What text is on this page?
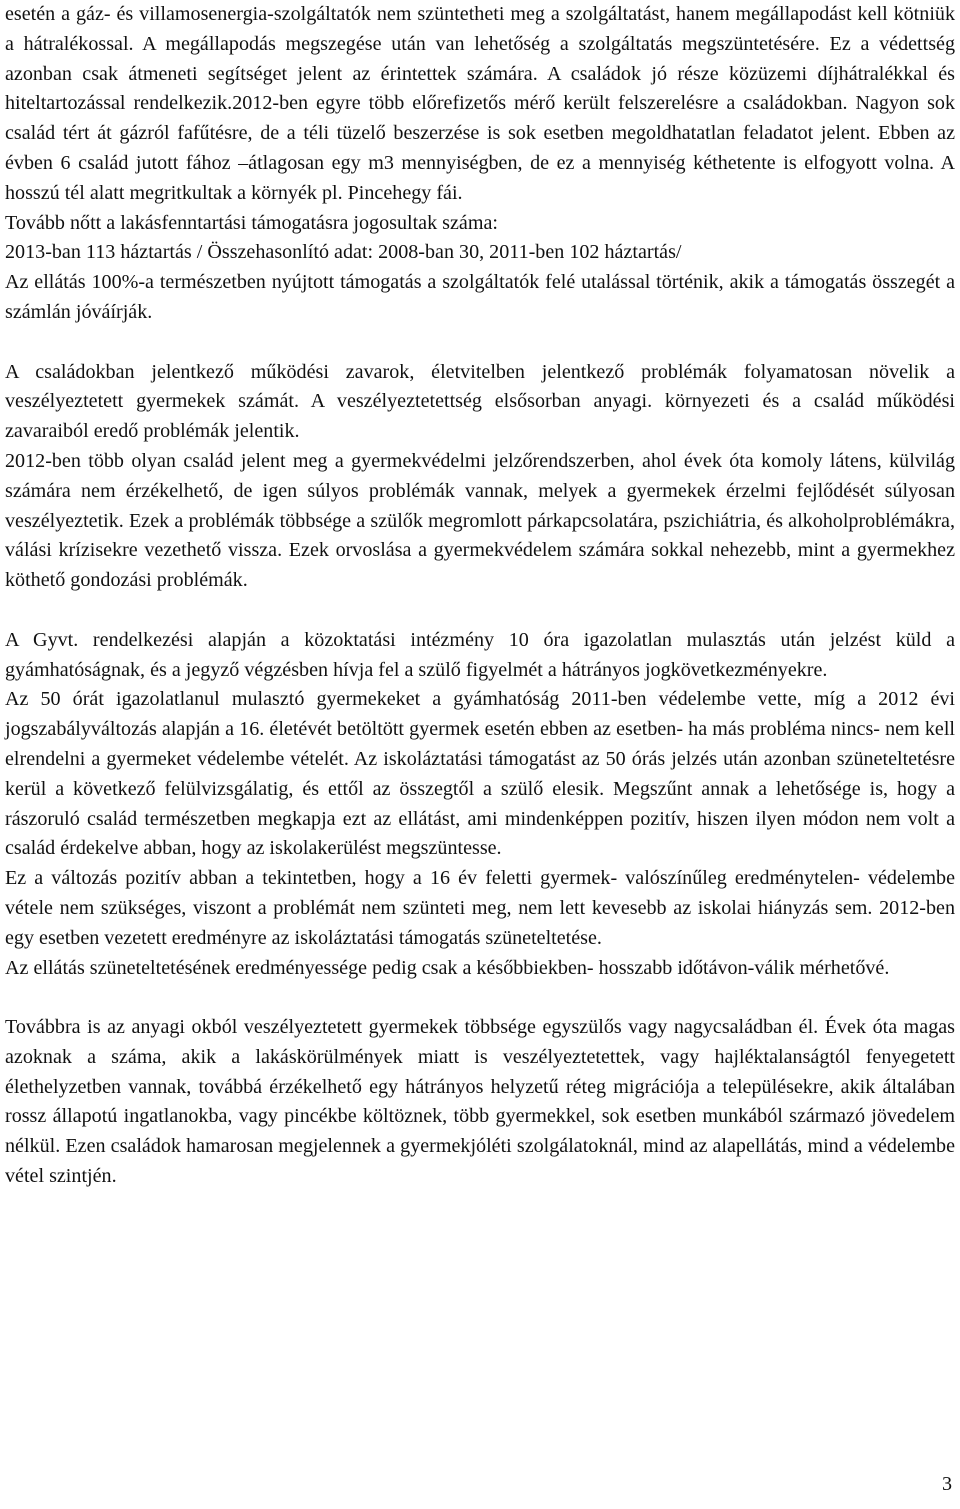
esetén a gáz- és villamosenergia-szolgáltatók nem szüntetheti meg a szolgáltatást, hanem megállapodást kell kötniük a hátralékossal. A megállapodás megszegése után van lehetőség a szolgáltatás megszüntetésére. Ez a védettség azonban csak átmeneti segítséget jelent az érintettek számára. A családok jó része közüzemi díjhátralékkal és hiteltartozással rendelkezik.2012-ben egyre több előrefizetős mérő került felszerelésre a családokban. Nagyon sok család tért át gázról fafűtésre, de a téli tüzelő beszerzése is sok esetben megoldhatatlan feladatot jelent. Ebben az évben 6 család jutott fához –átlagosan egy m3 mennyiségben, de ez a mennyiség kéthetente is elfogyott volna. A hosszú tél alatt megritkultak a környék pl. Pincehegy fái.

Tovább nőtt a lakásfenntartási támogatásra jogosultak száma:

2013-ban 113 háztartás / Összehasonlító adat: 2008-ban 30, 2011-ben 102 háztartás/

Az ellátás 100%-a természetben nyújtott támogatás a szolgáltatók felé utalással történik, akik a támogatás összegét a számlán jóváírják.

A családokban jelentkező működési zavarok, életvitelben jelentkező problémák folyamatosan növelik a veszélyeztetett gyermekek számát. A veszélyeztetettség elsősorban anyagi. környezeti és a család működési zavaraiból eredő problémák jelentik.

2012-ben több olyan család jelent meg a gyermekvédelmi jelzőrendszerben, ahol évek óta komoly látens, külvilág számára nem érzékelhető, de igen súlyos problémák vannak, melyek a gyermekek érzelmi fejlődését súlyosan veszélyeztetik. Ezek a problémák többsége a szülők megromlott párkapcsolatára, pszichiátria, és alkoholproblémákra, válási krízisekre vezethető vissza. Ezek orvoslása a gyermekvédelem számára sokkal nehezebb, mint a gyermekhez köthető gondozási problémák.

A Gyvt. rendelkezési alapján a közoktatási intézmény 10 óra igazolatlan mulasztás után jelzést küld a gyámhatóságnak, és a jegyző végzésben hívja fel a szülő figyelmét a hátrányos jogkövetkezményekre.

Az 50 órát igazolatlanul mulasztó gyermekeket a gyámhatóság 2011-ben védelembe vette, míg a 2012 évi jogszabályváltozás alapján a 16. életévét betöltött gyermek esetén ebben az esetben- ha más probléma nincs- nem kell elrendelni a gyermeket védelembe vételét. Az iskoláztatási támogatást az 50 órás jelzés után azonban szüneteltetésre kerül a következő felülvizsgálatig, és ettől az összegtől a szülő elesik. Megszűnt annak a lehetősége is, hogy a rászoruló család természetben megkapja ezt az ellátást, ami mindenképpen pozitív, hiszen ilyen módon nem volt a család érdekelve abban, hogy az iskolakerülést megszüntesse.

Ez a változás pozitív abban a tekintetben, hogy a 16 év feletti gyermek- valószínűleg eredménytelen- védelembe vétele nem szükséges, viszont a problémát nem szünteti meg, nem lett kevesebb az iskolai hiányzás sem. 2012-ben egy esetben vezetett eredményre az iskoláztatási támogatás szüneteltetése.

Az ellátás szüneteltetésének eredményessége pedig csak a későbbiekben- hosszabb időtávon-válik mérhetővé.

Továbbra is az anyagi okból veszélyeztetett gyermekek többsége egyszülős vagy nagycsaládban él. Évek óta magas azoknak a száma, akik a lakáskörülmények miatt is veszélyeztetettek, vagy hajléktalanságtól fenyegetett élethelyzetben vannak, továbbá érzékelhető egy hátrányos helyzetű réteg migrációja a településekre, akik általában rossz állapotú ingatlanokba, vagy pincékbe költöznek, több gyermekkel, sok esetben munkából származó jövedelem nélkül. Ezen családok hamarosan megjelennek a gyermekjóléti szolgálatoknál, mind az alapellátás, mind a védelembe vétel szintjén.

3
